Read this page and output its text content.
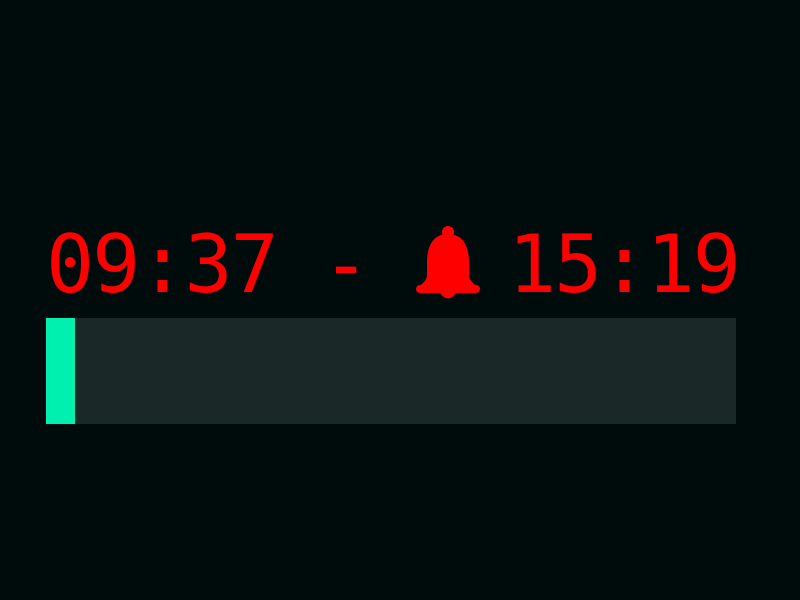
09:37 - 15:19
